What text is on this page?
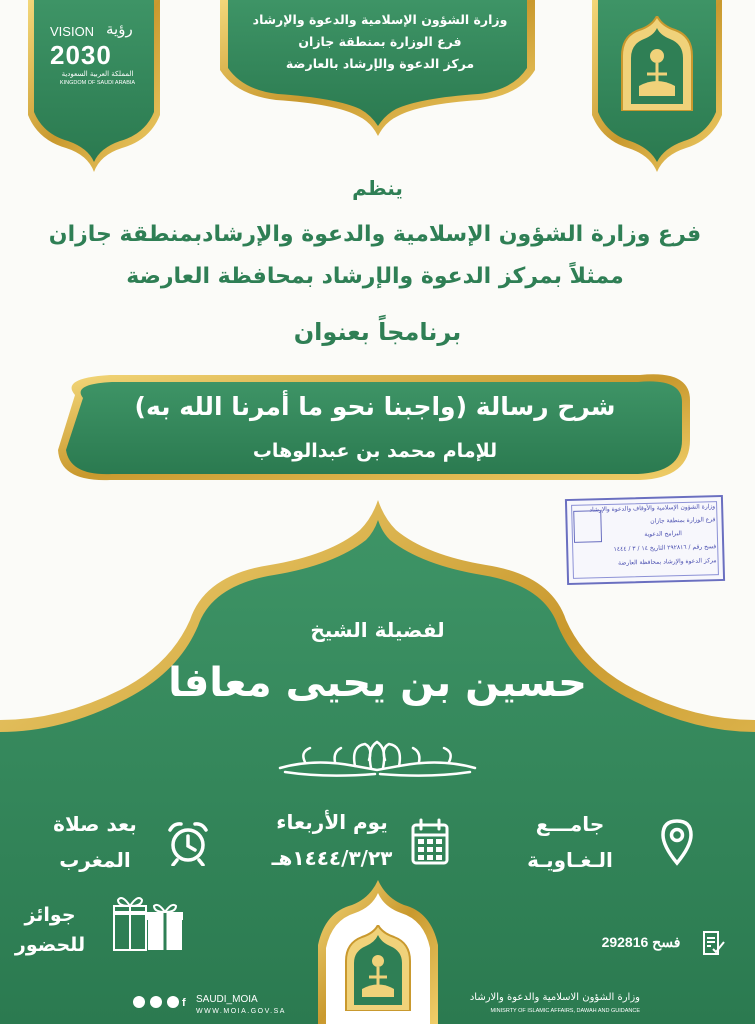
VISION رؤية
2030
المملكة العربية السعودية
KINGDOM OF SAUDI ARABIA
وزارة الشؤون الإسلامية والدعوة والإرشاد
فرع الوزارة بمنطقة جازان
مركز الدعوة والإرشاد بالعارضة
ينظم
فرع وزارة الشؤون الإسلامية والدعوة والإرشادبمنطقة جازان
ممثلاً بمركز الدعوة والإرشاد بمحافظة العارضة
برنامجاً بعنوان
شرح رسالة (واجبنا نحو ما أمرنا الله به)
للإمام محمد بن عبدالوهاب
وزارة الشؤون الإسلامية والأوقاف والدعوة والإرشاد
فرع الوزارة بمنطقة جازان
البرامج الدعوية
فسح رقم / ٢٩٢٨١٦ التاريخ ١٤ / ٣ / ١٤٤٤
مركز الدعوة والإرشاد بمحافظة العارضة
لفضيلة الشيخ
حسين بن يحيى معافا
بعد صلاة
المغرب
يوم الأربعاء
١٤٤٤/٣/٢٣هـ
جامـــع
الـغـاويـة
جوائز
للحضور	فسح 292816
f SAUDI_MOIA
WWW.MOIA.GOV.SA
وزارة الشؤون الاسلامية والدعوة والارشاد
MINISRTY OF ISLAMIC AFFAIRS, DAWAH AND GUIDANCE
